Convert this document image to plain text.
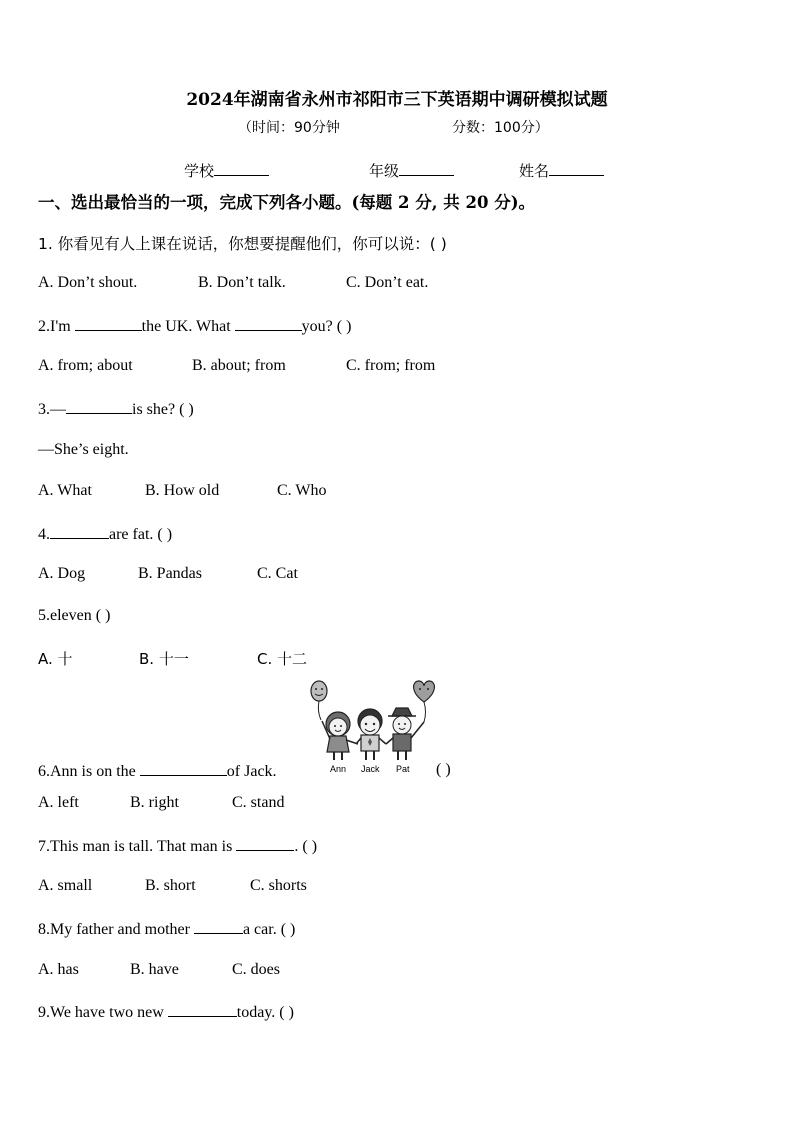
2024年湖南省永州市祁阳市三下英语期中调研模拟试题
（时间：90分钟	分数：100分）
学校	年级	姓名
一、选出最恰当的一项，完成下列各小题。(每题 2 分, 共 20 分)。
1. 你看见有人上课在说话，你想要提醒他们，你可以说：( )
A. Don’t shout.	B. Don’t talk.	C. Don’t eat.
2.I'm	the UK. What	you? ( )
A. from; about	B. about; from	C. from; from
3.—	is she? ( )
—She’s eight.
A. What	B. How old	C. Who
4.	are fat. ( )
A. Dog	B. Pandas	C. Cat
5.eleven ( )
A. 十	B. 十一	C. 十二
Ann Jack Pat
6.Ann is on the	of Jack.	( )
A. left	B. right	C. stand
7.This man is tall. That man is	. ( )
A. small	B. short	C. shorts
8.My father and mother	a car. ( )
A. has	B. have	C. does
9.We have two new	today. ( )
